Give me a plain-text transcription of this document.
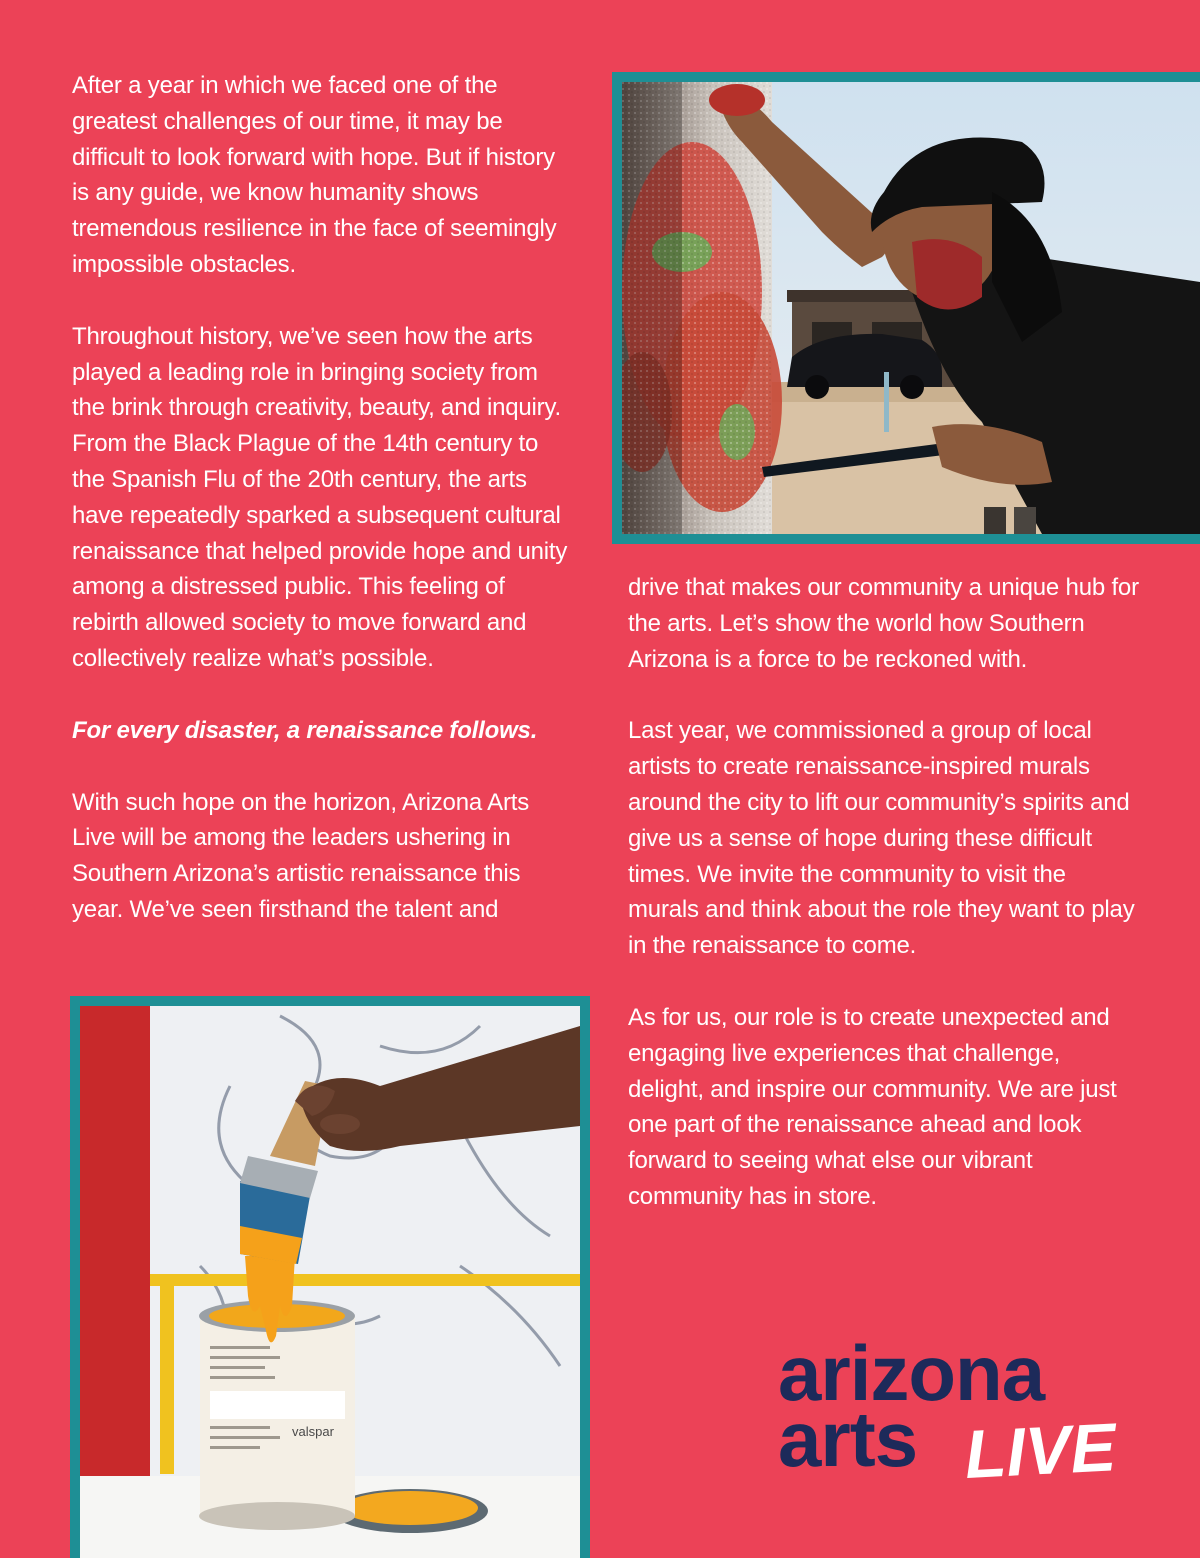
After a year in which we faced one of the greatest challenges of our time, it may be difficult to look forward with hope. But if history is any guide, we know humanity shows tremendous resilience in the face of seemingly impossible obstacles.

Throughout history, we’ve seen how the arts played a leading role in bringing society from the brink through creativity, beauty, and inquiry. From the Black Plague of the 14th century to the Spanish Flu of the 20th century, the arts have repeatedly sparked a subsequent cultural renaissance that helped provide hope and unity among a distressed public. This feeling of rebirth allowed society to move forward and collectively realize what’s possible.

For every disaster, a renaissance follows.

With such hope on the horizon, Arizona Arts Live will be among the leaders ushering in Southern Arizona’s artistic renaissance this year. We’ve seen firsthand the talent and

drive that makes our community a unique hub for the arts. Let’s show the world how Southern Arizona is a force to be reckoned with.

Last year, we commissioned a group of local artists to create renaissance-inspired murals around the city to lift our community’s spirits and give us a sense of hope during these difficult times. We invite the community to visit the murals and think about the role they want to play in the renaissance to come.

As for us, our role is to create unexpected and engaging live experiences that challenge, delight, and inspire our community. We are just one part of the renaissance ahead and look forward to seeing what else our vibrant community has in store.

valspar
arizona
arts LIVE
